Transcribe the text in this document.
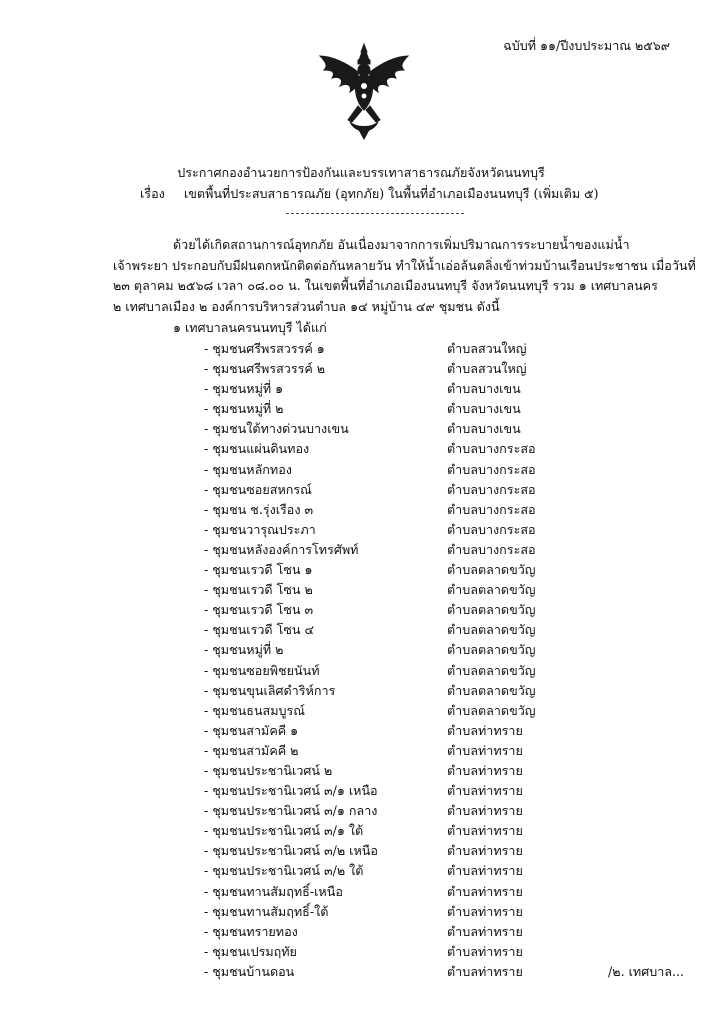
ฉบับที่ ๑๑/ปีงบประมาณ ๒๕๖๙
ประกาศกองอำนวยการป้องกันและบรรเทาสาธารณภัยจังหวัดนนทบุรี
เรื่อง เขตพื้นที่ประสบสาธารณภัย (อุทกภัย) ในพื้นที่อำเภอเมืองนนทบุรี (เพิ่มเติม ๕)
ด้วยได้เกิดสถานการณ์อุทกภัย อันเนื่องมาจากการเพิ่มปริมาณการระบายน้ำของแม่น้ำ
เจ้าพระยา ประกอบกับมีฝนตกหนักติดต่อกันหลายวัน ทำให้น้ำเอ่อล้นตลิ่งเข้าท่วมบ้านเรือนประชาชน เมื่อวันที่
๒๓ ตุลาคม ๒๕๖๘ เวลา ๐๘.๐๐ น. ในเขตพื้นที่อำเภอเมืองนนทบุรี จังหวัดนนทบุรี รวม ๑ เทศบาลนคร
๒ เทศบาลเมือง ๒ องค์การบริหารส่วนตำบล ๑๔ หมู่บ้าน ๔๙ ชุมชน ดังนี้
๑ เทศบาลนครนนทบุรี ได้แก่
- ชุมชนศรีพรสวรรค์ ๑	ตำบลสวนใหญ่
- ชุมชนศรีพรสวรรค์ ๒	ตำบลสวนใหญ่
- ชุมชนหมู่ที่ ๑	ตำบลบางเขน
- ชุมชนหมู่ที่ ๒	ตำบลบางเขน
- ชุมชนใต้ทางด่วนบางเขน	ตำบลบางเขน
- ชุมชนแผ่นดินทอง	ตำบลบางกระสอ
- ชุมชนหลักทอง	ตำบลบางกระสอ
- ชุมชนซอยสหกรณ์	ตำบลบางกระสอ
- ชุมชน ช.รุ่งเรือง ๓	ตำบลบางกระสอ
- ชุมชนวารุณประภา	ตำบลบางกระสอ
- ชุมชนหลังองค์การโทรศัพท์	ตำบลบางกระสอ
- ชุมชนเรวดี โซน ๑	ตำบลตลาดขวัญ
- ชุมชนเรวดี โซน ๒	ตำบลตลาดขวัญ
- ชุมชนเรวดี โซน ๓	ตำบลตลาดขวัญ
- ชุมชนเรวดี โซน ๔	ตำบลตลาดขวัญ
- ชุมชนหมู่ที่ ๒	ตำบลตลาดขวัญ
- ชุมชนซอยพิชยนันท์	ตำบลตลาดขวัญ
- ชุมชนขุนเลิศดำริห์การ	ตำบลตลาดขวัญ
- ชุมชนธนสมบูรณ์	ตำบลตลาดขวัญ
- ชุมชนสามัคคี ๑	ตำบลท่าทราย
- ชุมชนสามัคคี ๒	ตำบลท่าทราย
- ชุมชนประชานิเวศน์ ๒	ตำบลท่าทราย
- ชุมชนประชานิเวศน์ ๓/๑ เหนือ	ตำบลท่าทราย
- ชุมชนประชานิเวศน์ ๓/๑ กลาง	ตำบลท่าทราย
- ชุมชนประชานิเวศน์ ๓/๑ ใต้	ตำบลท่าทราย
- ชุมชนประชานิเวศน์ ๓/๒ เหนือ	ตำบลท่าทราย
- ชุมชนประชานิเวศน์ ๓/๒ ใต้	ตำบลท่าทราย
- ชุมชนทานสัมฤทธิ์-เหนือ	ตำบลท่าทราย
- ชุมชนทานสัมฤทธิ์-ใต้	ตำบลท่าทราย
- ชุมชนทรายทอง	ตำบลท่าทราย
- ชุมชนเปรมฤทัย	ตำบลท่าทราย
- ชุมชนบ้านดอน	ตำบลท่าทราย	/๒. เทศบาล...
